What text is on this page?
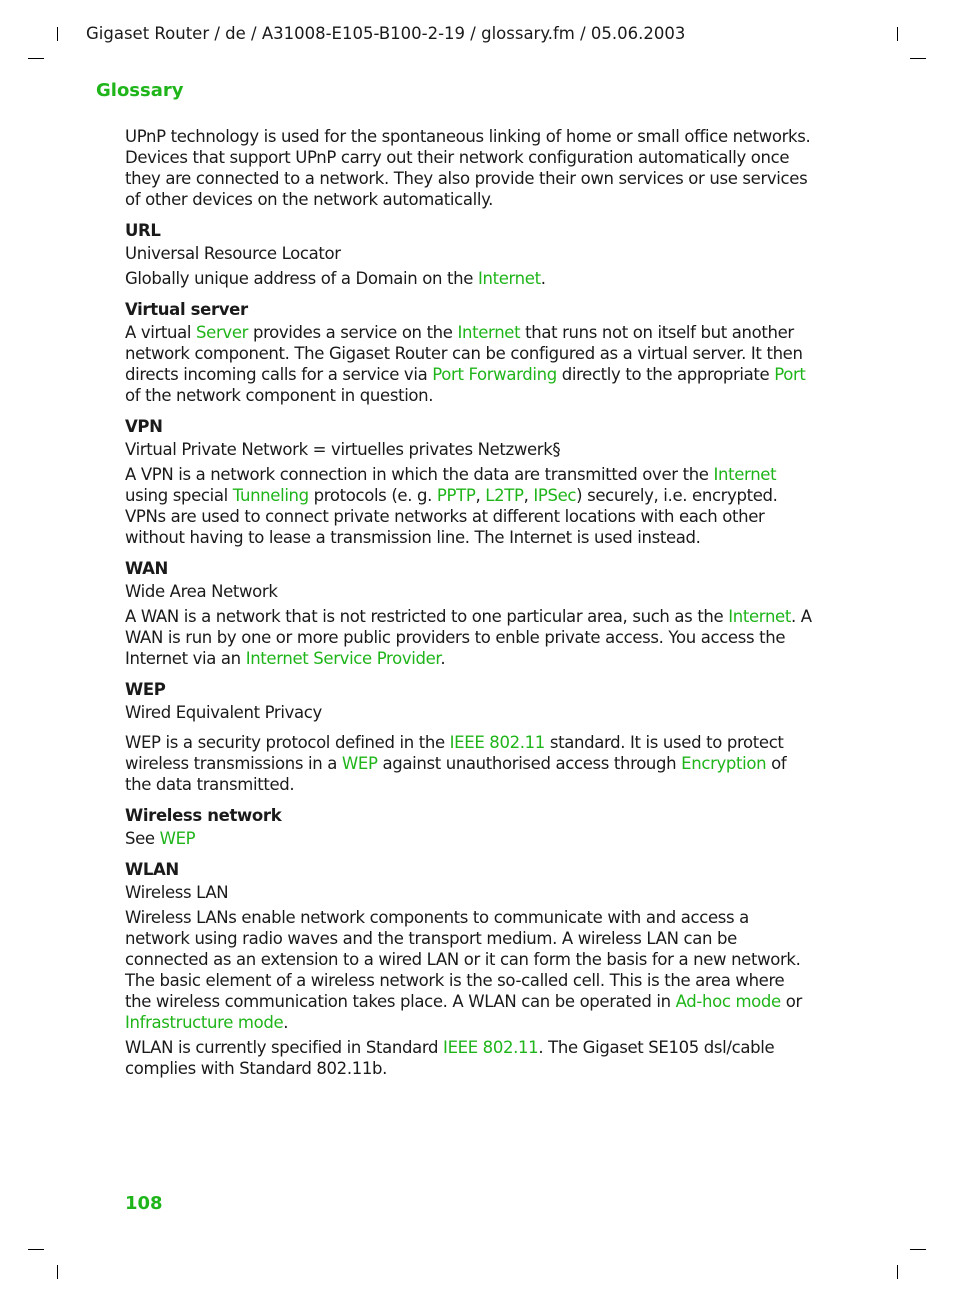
Gigaset Router / de / A31008-E105-B100-2-19 / glossary.fm / 05.06.2003
Glossary

UPnP technology is used for the spontaneous linking of home or small office networks. Devices that support UPnP carry out their network configuration automatically once they are connected to a network. They also provide their own services or use services of other devices on the network automatically.

URL

Universal Resource Locator

Globally unique address of a Domain on the Internet.

Virtual server

A virtual Server provides a service on the Internet that runs not on itself but another network component. The Gigaset Router can be configured as a virtual server. It then directs incoming calls for a service via Port Forwarding directly to the appropriate Port of the network component in question.

VPN

Virtual Private Network = virtuelles privates Netzwerk§

A VPN is a network connection in which the data are transmitted over the Internet using special Tunneling protocols (e. g. PPTP, L2TP, IPSec) securely, i.e. encrypted. VPNs are used to connect private networks at different locations with each other without having to lease a transmission line. The Internet is used instead.

WAN

Wide Area Network

A WAN is a network that is not restricted to one particular area, such as the Internet. A WAN is run by one or more public providers to enble private access. You access the Internet via an Internet Service Provider.

WEP

Wired Equivalent Privacy

WEP is a security protocol defined in the IEEE 802.11 standard. It is used to protect wireless transmissions in a WEP against unauthorised access through Encryption of the data transmitted.

Wireless network

See WEP

WLAN

Wireless LAN

Wireless LANs enable network components to communicate with and access a network using radio waves and the transport medium. A wireless LAN can be connected as an extension to a wired LAN or it can form the basis for a new network. The basic element of a wireless network is the so-called cell. This is the area where the wireless communication takes place. A WLAN can be operated in Ad-hoc mode or Infrastructure mode.

WLAN is currently specified in Standard IEEE 802.11. The Gigaset SE105 dsl/cable complies with Standard 802.11b.

108
